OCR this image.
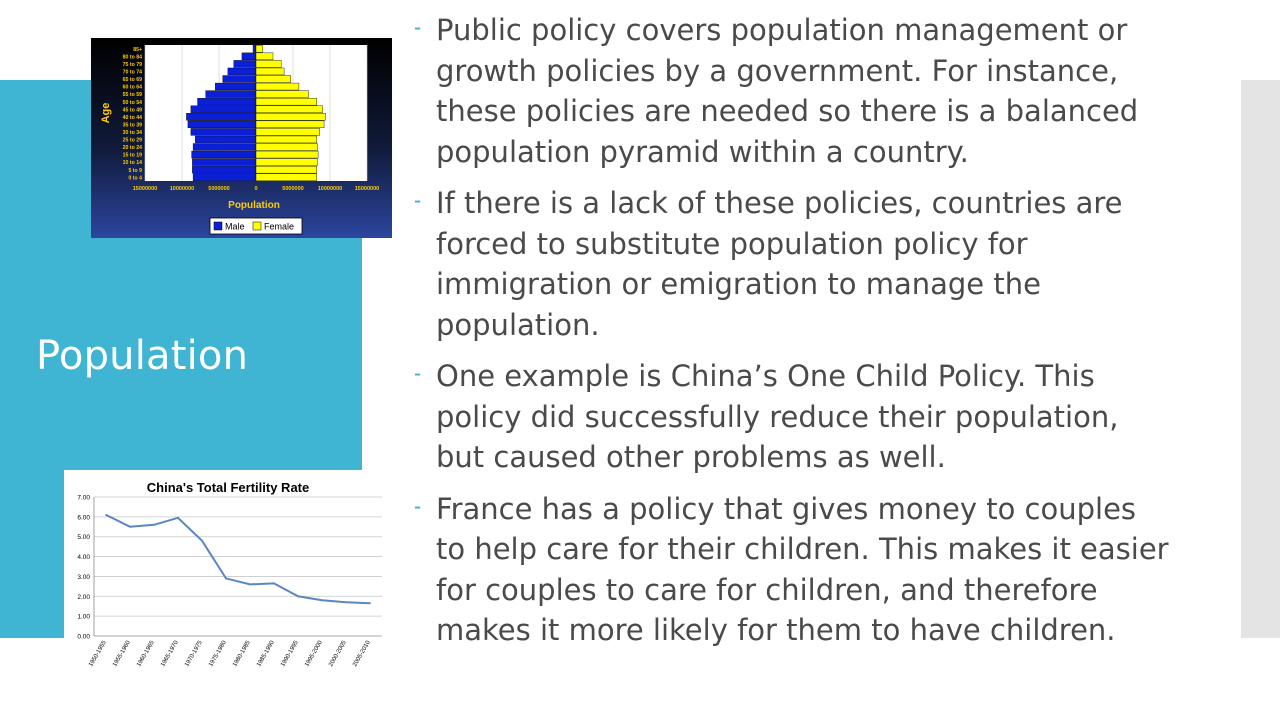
Population
⁃ Public policy covers population management or growth policies by a government. For instance, these policies are needed so there is a balanced population pyramid within a country.
⁃ If there is a lack of these policies, countries are forced to substitute population policy for immigration or emigration to manage the population.
⁃ One example is China’s One Child Policy. This policy did successfully reduce their population, but caused other problems as well.
⁃ France has a policy that gives money to couples to help care for their children. This makes it easier for couples to care for children, and therefore makes it more likely for them to have children.
0 to 4
5 to 9
10 to 14
15 to 19
20 to 24
25 to 29
30 to 34
35 to 39
40 to 44
45 to 49
50 to 54
55 to 59
60 to 64
65 to 69
70 to 74
75 to 79
80 to 84
85+
15000000 10000000	5000000	0	5000000	10000000 15000000
Age
Population
Male Female
China's Total Fertility Rate
0.00
1.00
2.00
3.00
4.00
5.00
6.00
7.00
1950-1955 1955-1960 1960-1965 1965-1970 1970-1975 1975-1980 1980-1985 1985-1990 1990-1995 1995-2000 2000-2005 2005-2010
